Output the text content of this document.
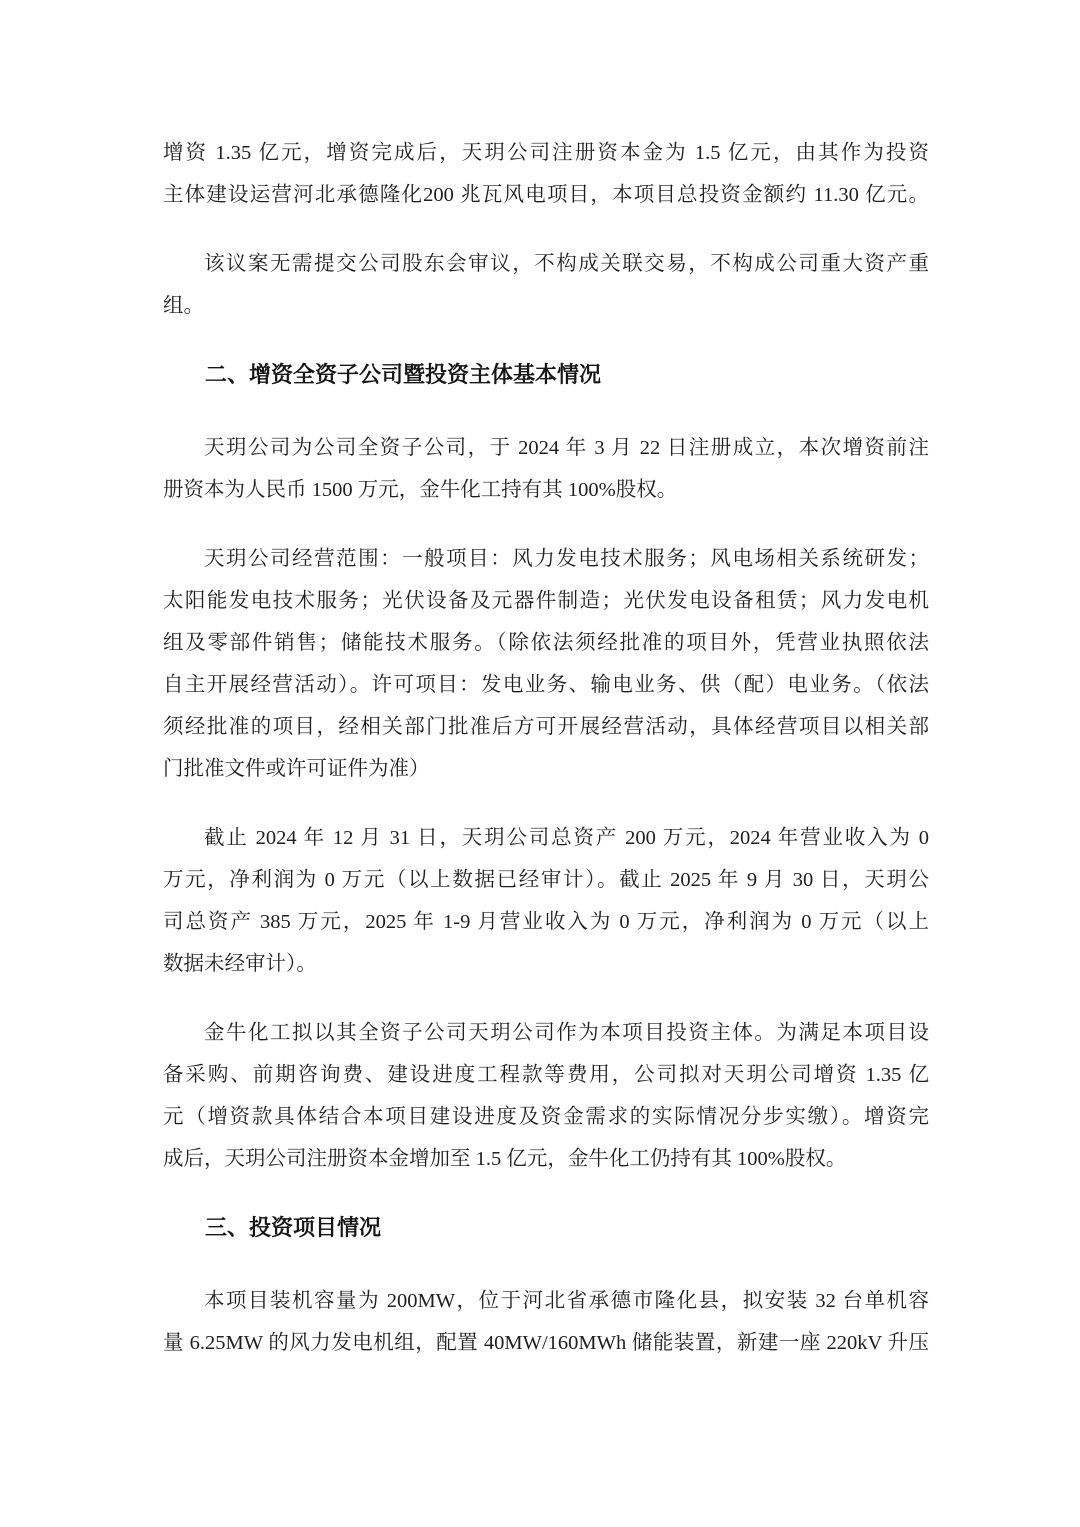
增资 1.35 亿元，增资完成后，天玥公司注册资本金为 1.5 亿元，由其作为投资
主体建设运营河北承德隆化200 兆瓦风电项目，本项目总投资金额约 11.30 亿元。
该议案无需提交公司股东会审议，不构成关联交易，不构成公司重大资产重
组。
二、增资全资子公司暨投资主体基本情况
天玥公司为公司全资子公司，于 2024 年 3 月 22 日注册成立，本次增资前注
册资本为人民币 1500 万元，金牛化工持有其 100%股权。
天玥公司经营范围：一般项目：风力发电技术服务；风电场相关系统研发；
太阳能发电技术服务；光伏设备及元器件制造；光伏发电设备租赁；风力发电机
组及零部件销售；储能技术服务。（除依法须经批准的项目外，凭营业执照依法
自主开展经营活动）。许可项目：发电业务、输电业务、供（配）电业务。（依法
须经批准的项目，经相关部门批准后方可开展经营活动，具体经营项目以相关部
门批准文件或许可证件为准）
截止 2024 年 12 月 31 日，天玥公司总资产 200 万元，2024 年营业收入为 0
万元，净利润为 0 万元（以上数据已经审计）。截止 2025 年 9 月 30 日，天玥公
司总资产 385 万元，2025 年 1-9 月营业收入为 0 万元，净利润为 0 万元（以上
数据未经审计）。
金牛化工拟以其全资子公司天玥公司作为本项目投资主体。为满足本项目设
备采购、前期咨询费、建设进度工程款等费用，公司拟对天玥公司增资 1.35 亿
元（增资款具体结合本项目建设进度及资金需求的实际情况分步实缴）。增资完
成后，天玥公司注册资本金增加至 1.5 亿元，金牛化工仍持有其 100%股权。
三、投资项目情况
本项目装机容量为 200MW，位于河北省承德市隆化县，拟安装 32 台单机容
量 6.25MW 的风力发电机组，配置 40MW/160MWh 储能装置，新建一座 220kV 升压
